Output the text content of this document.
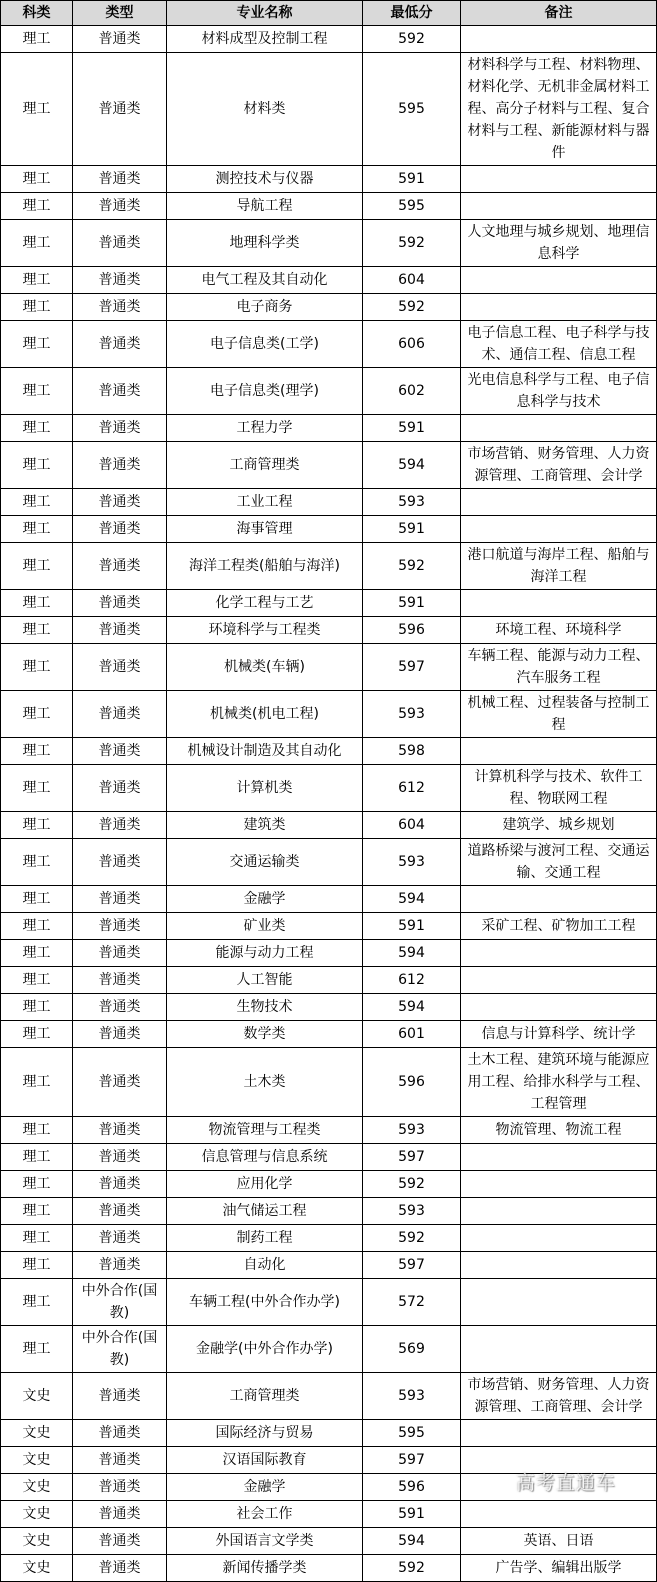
科类	类型	专业名称	最低分	备注
理工	普通类	材料成型及控制工程	592	
理工	普通类	材料类	595	材料科学与工程、材料物理、材料化学、无机非金属材料工程、高分子材料与工程、复合材料与工程、新能源材料与器件
理工	普通类	测控技术与仪器	591	
理工	普通类	导航工程	595	
理工	普通类	地理科学类	592	人文地理与城乡规划、地理信息科学
理工	普通类	电气工程及其自动化	604	
理工	普通类	电子商务	592	
理工	普通类	电子信息类(工学)	606	电子信息工程、电子科学与技术、通信工程、信息工程
理工	普通类	电子信息类(理学)	602	光电信息科学与工程、电子信息科学与技术
理工	普通类	工程力学	591	
理工	普通类	工商管理类	594	市场营销、财务管理、人力资源管理、工商管理、会计学
理工	普通类	工业工程	593	
理工	普通类	海事管理	591	
理工	普通类	海洋工程类(船舶与海洋)	592	港口航道与海岸工程、船舶与海洋工程
理工	普通类	化学工程与工艺	591	
理工	普通类	环境科学与工程类	596	环境工程、环境科学
理工	普通类	机械类(车辆)	597	车辆工程、能源与动力工程、汽车服务工程
理工	普通类	机械类(机电工程)	593	机械工程、过程装备与控制工程
理工	普通类	机械设计制造及其自动化	598	
理工	普通类	计算机类	612	计算机科学与技术、软件工程、物联网工程
理工	普通类	建筑类	604	建筑学、城乡规划
理工	普通类	交通运输类	593	道路桥梁与渡河工程、交通运输、交通工程
理工	普通类	金融学	594	
理工	普通类	矿业类	591	采矿工程、矿物加工工程
理工	普通类	能源与动力工程	594	
理工	普通类	人工智能	612	
理工	普通类	生物技术	594	
理工	普通类	数学类	601	信息与计算科学、统计学
理工	普通类	土木类	596	土木工程、建筑环境与能源应用工程、给排水科学与工程、工程管理
理工	普通类	物流管理与工程类	593	物流管理、物流工程
理工	普通类	信息管理与信息系统	597	
理工	普通类	应用化学	592	
理工	普通类	油气储运工程	593	
理工	普通类	制药工程	592	
理工	普通类	自动化	597	
理工	中外合作(国教)	车辆工程(中外合作办学)	572	
理工	中外合作(国教)	金融学(中外合作办学)	569	
文史	普通类	工商管理类	593	市场营销、财务管理、人力资源管理、工商管理、会计学
文史	普通类	国际经济与贸易	595	
文史	普通类	汉语国际教育	597	
文史	普通类	金融学	596	
文史	普通类	社会工作	591	
文史	普通类	外国语言文学类	594	英语、日语
文史	普通类	新闻传播学类	592	广告学、编辑出版学
高考直通车
